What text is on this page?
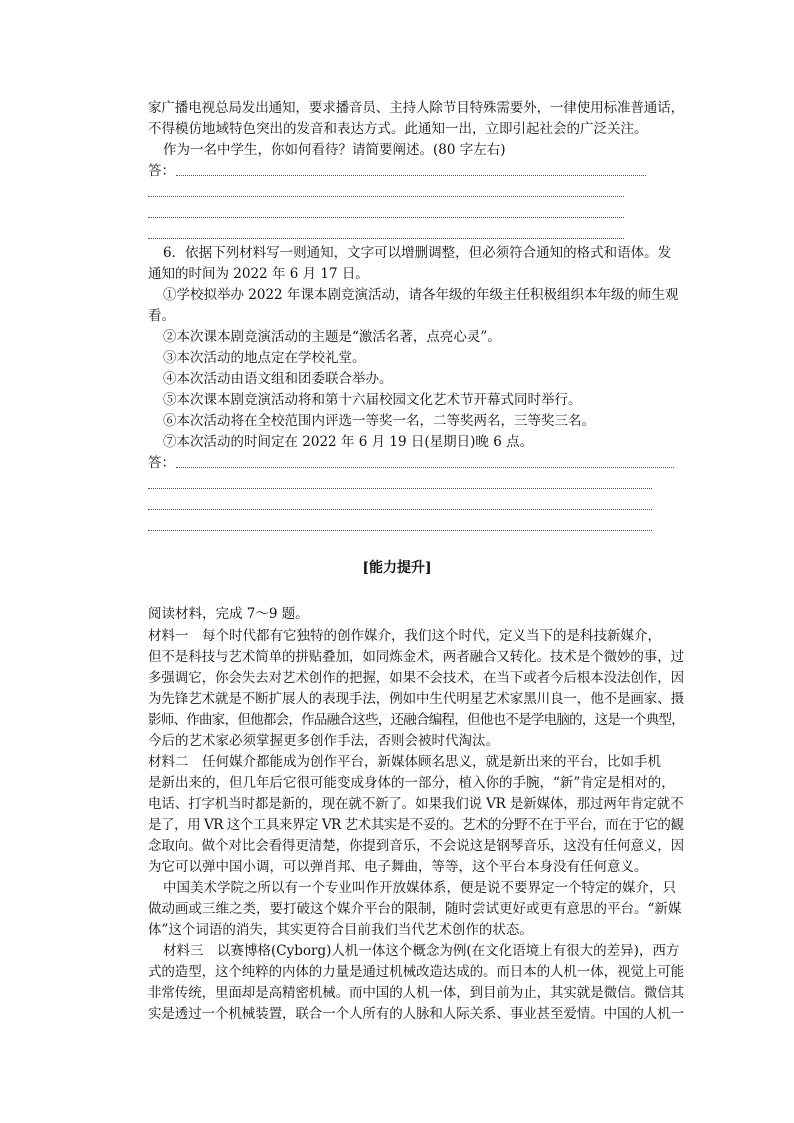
家广播电视总局发出通知，要求播音员、主持人除节目特殊需要外，一律使用标准普通话，
不得模仿地域特色突出的发音和表达方式。此通知一出，立即引起社会的广泛关注。
作为一名中学生，你如何看待？请简要阐述。(80 字左右)
答：
6．依据下列材料写一则通知，文字可以增删调整，但必须符合通知的格式和语体。发
通知的时间为 2022 年 6 月 17 日。
①学校拟举办 2022 年课本剧竞演活动，请各年级的年级主任积极组织本年级的师生观
看。
②本次课本剧竞演活动的主题是“激活名著，点亮心灵”。
③本次活动的地点定在学校礼堂。
④本次活动由语文组和团委联合举办。
⑤本次课本剧竞演活动将和第十六届校园文化艺术节开幕式同时举行。
⑥本次活动将在全校范围内评选一等奖一名，二等奖两名，三等奖三名。
⑦本次活动的时间定在 2022 年 6 月 19 日(星期日)晚 6 点。
答：
[能力提升]
阅读材料，完成 7～9 题。
材料一　每个时代都有它独特的创作媒介，我们这个时代，定义当下的是科技新媒介，
但不是科技与艺术简单的拼贴叠加，如同炼金术，两者融合又转化。技术是个微妙的事，过
多强调它，你会失去对艺术创作的把握，如果不会技术，在当下或者今后根本没法创作，因
为先锋艺术就是不断扩展人的表现手法，例如中生代明星艺术家黑川良一，他不是画家、摄
影师、作曲家，但他都会，作品融合这些，还融合编程，但他也不是学电脑的，这是一个典型，
今后的艺术家必须掌握更多创作手法，否则会被时代淘汰。
材料二　任何媒介都能成为创作平台，新媒体顾名思义，就是新出来的平台，比如手机
是新出来的，但几年后它很可能变成身体的一部分，植入你的手腕，“新”肯定是相对的，
电话、打字机当时都是新的，现在就不新了。如果我们说 VR 是新媒体，那过两年肯定就不
是了，用 VR 这个工具来界定 VR 艺术其实是不妥的。艺术的分野不在于平台，而在于它的観
念取向。做个对比会看得更清楚，你提到音乐，不会说这是钢琴音乐，这没有任何意义，因
为它可以弹中国小调，可以弹肖邦、电子舞曲，等等，这个平台本身没有任何意义。
中国美术学院之所以有一个专业叫作开放媒体系，便是说不要界定一个特定的媒介，只
做动画或三维之类，要打破这个媒介平台的限制，随时尝试更好或更有意思的平台。“新媒
体”这个词语的消失，其实更符合目前我们当代艺术创作的状态。
材料三　以赛博格(Cyborg)人机一体这个概念为例(在文化语境上有很大的差异)，西方
式的造型，这个纯粹的内体的力量是通过机械改造达成的。而日本的人机一体，视觉上可能
非常传统，里面却是高精密机械。而中国的人机一体，到目前为止，其实就是微信。微信其
实是透过一个机械装置，联合一个人所有的人脉和人际关系、事业甚至爱情。中国的人机一
